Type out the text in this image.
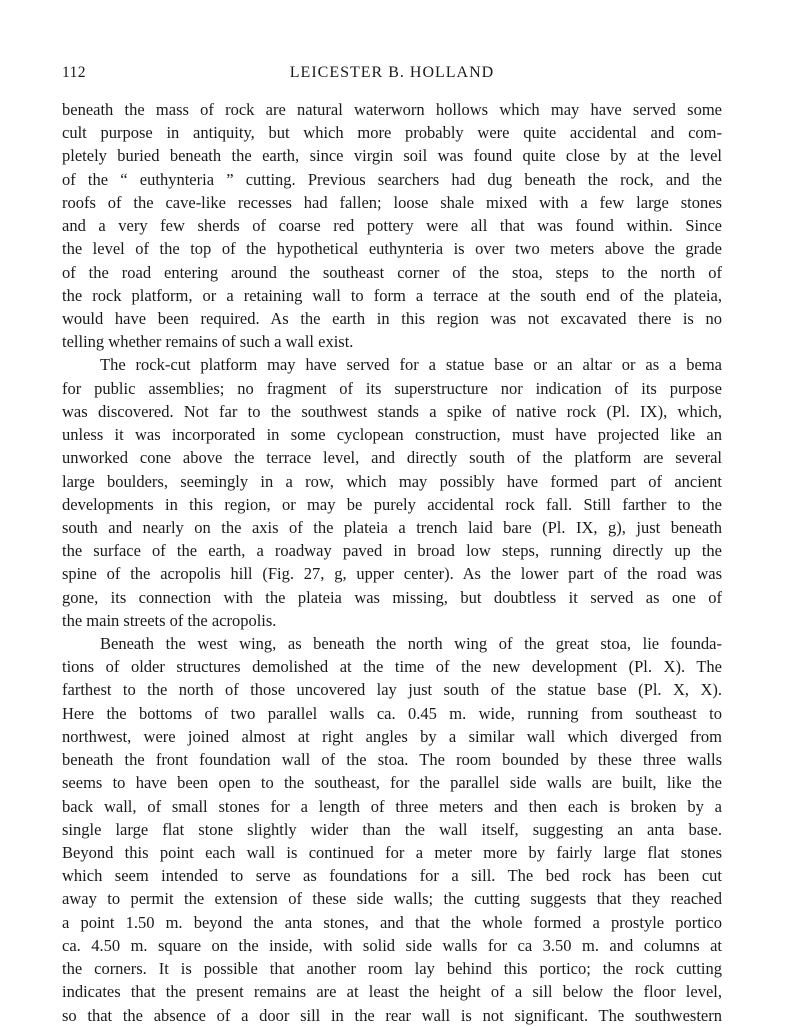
112	LEICESTER B. HOLLAND
beneath the mass of rock are natural waterworn hollows which may have served some
cult purpose in antiquity, but which more probably were quite accidental and com-
pletely buried beneath the earth, since virgin soil was found quite close by at the level
of the “ euthynteria ” cutting. Previous searchers had dug beneath the rock, and the
roofs of the cave-like recesses had fallen; loose shale mixed with a few large stones
and a very few sherds of coarse red pottery were all that was found within. Since
the level of the top of the hypothetical euthynteria is over two meters above the grade
of the road entering around the southeast corner of the stoa, steps to the north of
the rock platform, or a retaining wall to form a terrace at the south end of the plateia,
would have been required. As the earth in this region was not excavated there is no
telling whether remains of such a wall exist.
The rock-cut platform may have served for a statue base or an altar or as a bema
for public assemblies; no fragment of its superstructure nor indication of its purpose
was discovered. Not far to the southwest stands a spike of native rock (Pl. IX), which,
unless it was incorporated in some cyclopean construction, must have projected like an
unworked cone above the terrace level, and directly south of the platform are several
large boulders, seemingly in a row, which may possibly have formed part of ancient
developments in this region, or may be purely accidental rock fall. Still farther to the
south and nearly on the axis of the plateia a trench laid bare (Pl. IX, g), just beneath
the surface of the earth, a roadway paved in broad low steps, running directly up the
spine of the acropolis hill (Fig. 27, g, upper center). As the lower part of the road was
gone, its connection with the plateia was missing, but doubtless it served as one of
the main streets of the acropolis.
Beneath the west wing, as beneath the north wing of the great stoa, lie founda-
tions of older structures demolished at the time of the new development (Pl. X). The
farthest to the north of those uncovered lay just south of the statue base (Pl. X, X).
Here the bottoms of two parallel walls ca. 0.45 m. wide, running from southeast to
northwest, were joined almost at right angles by a similar wall which diverged from
beneath the front foundation wall of the stoa. The room bounded by these three walls
seems to have been open to the southeast, for the parallel side walls are built, like the
back wall, of small stones for a length of three meters and then each is broken by a
single large flat stone slightly wider than the wall itself, suggesting an anta base.
Beyond this point each wall is continued for a meter more by fairly large flat stones
which seem intended to serve as foundations for a sill. The bed rock has been cut
away to permit the extension of these side walls; the cutting suggests that they reached
a point 1.50 m. beyond the anta stones, and that the whole formed a prostyle portico
ca. 4.50 m. square on the inside, with solid side walls for ca 3.50 m. and columns at
the corners. It is possible that another room lay behind this portico; the rock cutting
indicates that the present remains are at least the height of a sill below the floor level,
so that the absence of a door sill in the rear wall is not significant. The southwestern
